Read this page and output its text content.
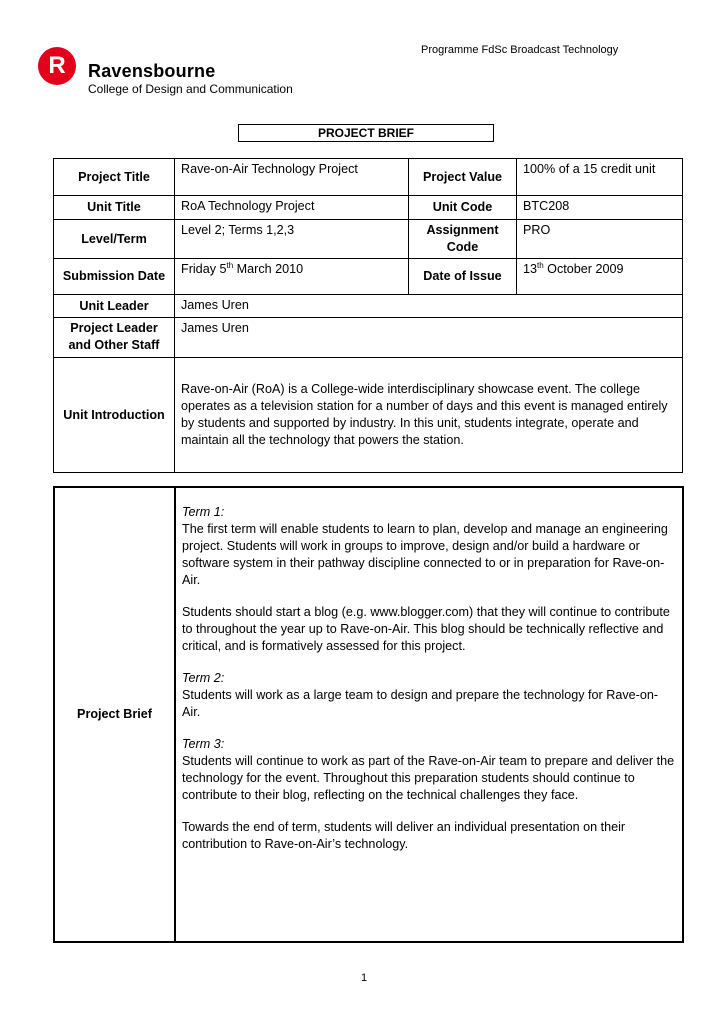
Programme FdSc Broadcast Technology
R	Ravensbourne
College of Design and Communication
PROJECT BRIEF
Project Title	Rave-on-Air Technology Project	Project Value	100% of a 15 credit unit
Unit Title	RoA Technology Project	Unit Code	BTC208
Level/Term	Level 2; Terms 1,2,3	Assignment Code	PRO
Submission Date	Friday 5th March 2010	Date of Issue	13th October 2009
Unit Leader	James Uren		
Project Leader and Other Staff	James Uren		
Unit Introduction	Rave-on-Air (RoA) is a College-wide interdisciplinary showcase event. The college operates as a television station for a number of days and this event is managed entirely by students and supported by industry. In this unit, students integrate, operate and maintain all the technology that powers the station.		
Project Brief	

Term 1:
The first term will enable students to learn to plan, develop and manage an engineering project. Students will work in groups to improve, design and/or build a hardware or software system in their pathway discipline connected to or in preparation for Rave-on-Air.

Students should start a blog (e.g. www.blogger.com) that they will continue to contribute to throughout the year up to Rave-on-Air. This blog should be technically reflective and critical, and is formatively assessed for this project.

Term 2:
Students will work as a large team to design and prepare the technology for Rave-on-Air.

Term 3:
Students will continue to work as part of the Rave-on-Air team to prepare and deliver the technology for the event. Throughout this preparation students should continue to contribute to their blog, reflecting on the technical challenges they face.

Towards the end of term, students will deliver an individual presentation on their contribution to Rave-on-Air’s technology.

1
